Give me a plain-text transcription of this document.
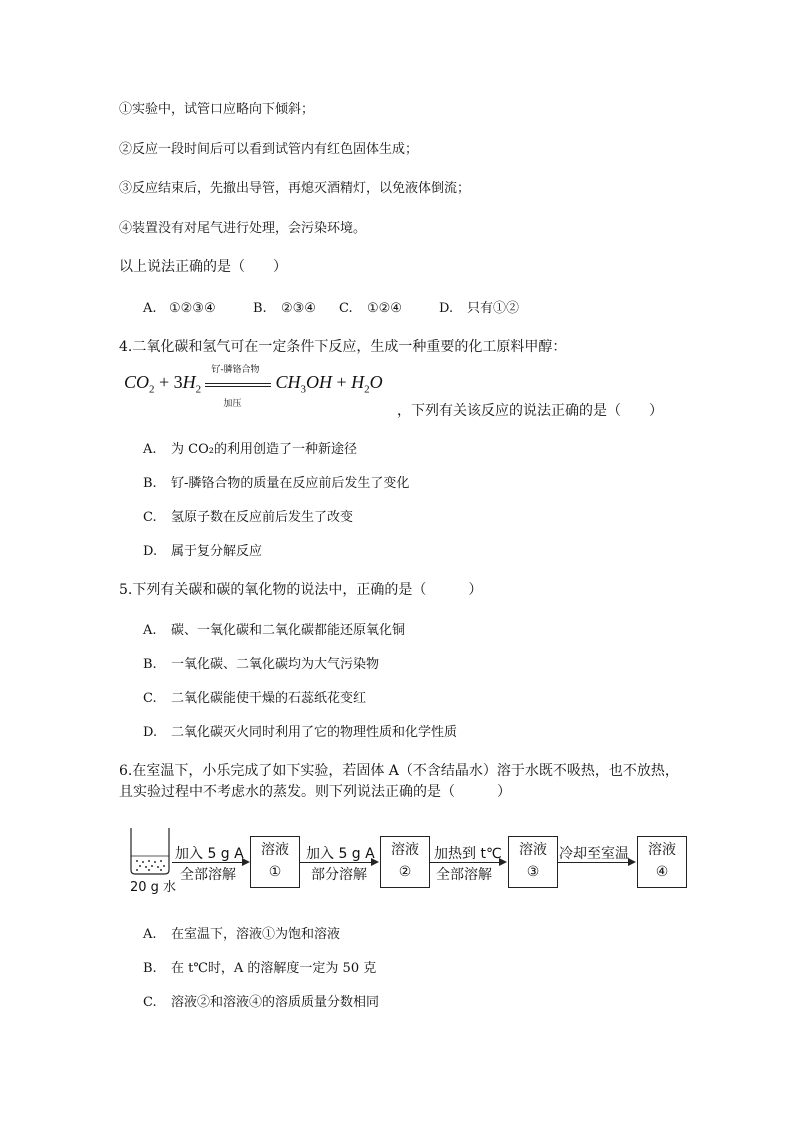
①实验中，试管口应略向下倾斜；
②反应一段时间后可以看到试管内有红色固体生成；
③反应结束后，先撤出导管，再熄灭酒精灯，以免液体倒流；
④装置没有对尾气进行处理，会污染环境。
以上说法正确的是（　　）
A. ①②③④	B. ②③④ C. ①②④	D. 只有①②
4.二氧化碳和氢气可在一定条件下反应，生成一种重要的化工原料甲醇：
$CO_2 + 3H_2$
钌-膦铬合物
加压
$CH_3OH + H_2O$
，下列有关该反应的说法正确的是（　　）
A. 为 CO₂的利用创造了一种新途径
B. 钌-膦铬合物的质量在反应前后发生了变化
C. 氢原子数在反应前后发生了改变
D. 属于复分解反应
5.下列有关碳和碳的氧化物的说法中，正确的是（　　　）
A. 碳、一氧化碳和二氧化碳都能还原氧化铜
B. 一氧化碳、二氧化碳均为大气污染物
C. 二氧化碳能使干燥的石蕊纸花变红
D. 二氧化碳灭火同时利用了它的物理性质和化学性质
6.在室温下，小乐完成了如下实验，若固体 A（不含结晶水）溶于水既不吸热，也不放热，
且实验过程中不考虑水的蒸发。则下列说法正确的是（　　　）
20 g 水
加入 5 g A
全部溶解
溶液
①
加入 5 g A
部分溶解
溶液
②
加热到 t℃
全部溶解
溶液
③
冷却至室温	溶液
④
A. 在室温下，溶液①为饱和溶液
B. 在 t℃时，A 的溶解度一定为 50 克
C. 溶液②和溶液④的溶质质量分数相同
